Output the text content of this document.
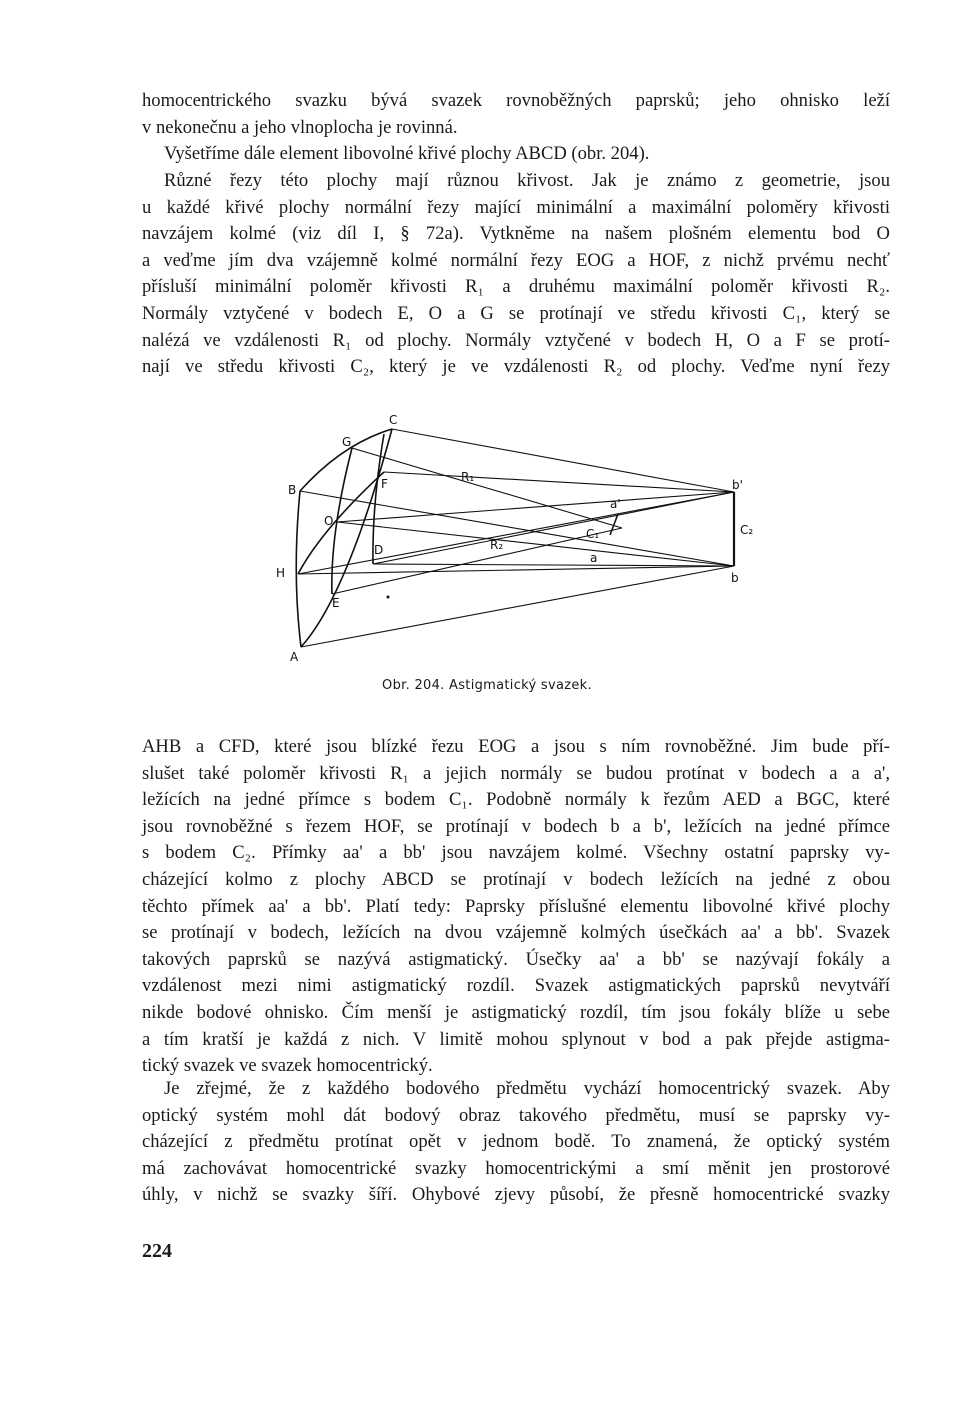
homocentrického svazku bývá svazek rovnoběžných paprsků; jeho ohnisko leží
v nekonečnu a jeho vlnoplocha je rovinná.
Vyšetříme dále element libovolné křivé plochy ABCD (obr. 204).
Různé řezy této plochy mají různou křivost. Jak je známo z geometrie, jsou
u každé křivé plochy normální řezy mající minimální a maximální poloměry křivosti
navzájem kolmé (viz díl I, § 72a). Vytkněme na našem plošném elementu bod O
a veďme jím dva vzájemně kolmé normální řezy EOG a HOF, z nichž prvému nechť
přísluší minimální poloměr křivosti R₁ a druhému maximální poloměr křivosti R₂.
Normály vztyčené v bodech E, O a G se protínají ve středu křivosti C₁, který se
nalézá ve vzdálenosti R₁ od plochy. Normály vztyčené v bodech H, O a F se protí-
nají ve středu křivosti C₂, který je ve vzdálenosti R₂ od plochy. Veďme nyní řezy
C
G
B	F
O
D
H
E
A
R₁
R₂
C₁
a'
a
b'
C₂
b
Obr. 204. Astigmatický svazek.
AHB a CFD, které jsou blízké řezu EOG a jsou s ním rovnoběžné. Jim bude pří-
slušet také poloměr křivosti R₁ a jejich normály se budou protínat v bodech a a a',
ležících na jedné přímce s bodem C₁. Podobně normály k řezům AED a BGC, které
jsou rovnoběžné s řezem HOF, se protínají v bodech b a b', ležících na jedné přímce
s bodem C₂. Přímky aa' a bb' jsou navzájem kolmé. Všechny ostatní paprsky vy-
cházející kolmo z plochy ABCD se protínají v bodech ležících na jedné z obou
těchto přímek aa' a bb'. Platí tedy: Paprsky příslušné elementu libovolné křivé plochy
se protínají v bodech, ležících na dvou vzájemně kolmých úsečkách aa' a bb'. Svazek
takových paprsků se nazývá astigmatický. Úsečky aa' a bb' se nazývají fokály a
vzdálenost mezi nimi astigmatický rozdíl. Svazek astigmatických paprsků nevytváří
nikde bodové ohnisko. Čím menší je astigmatický rozdíl, tím jsou fokály blíže u sebe
a tím kratší je každá z nich. V limitě mohou splynout v bod a pak přejde astigma-
tický svazek ve svazek homocentrický.
Je zřejmé, že z každého bodového předmětu vychází homocentrický svazek. Aby
optický systém mohl dát bodový obraz takového předmětu, musí se paprsky vy-
cházející z předmětu protínat opět v jednom bodě. To znamená, že optický systém
má zachovávat homocentrické svazky homocentrickými a smí měnit jen prostorové
úhly, v nichž se svazky šíří. Ohybové zjevy působí, že přesně homocentrické svazky
224
